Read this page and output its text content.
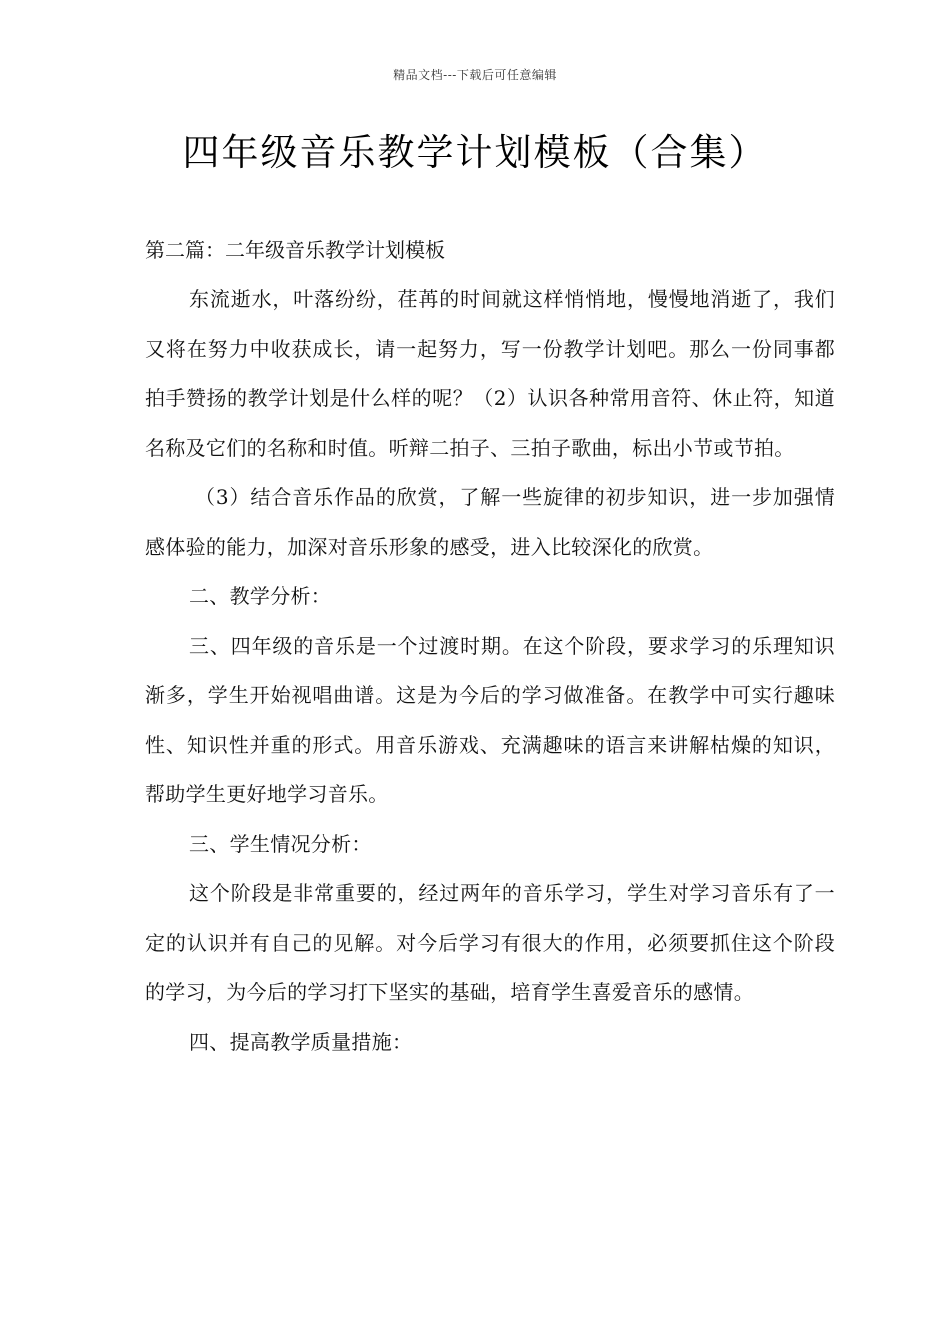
精品文档---下载后可任意编辑
四年级音乐教学计划模板（合集）

第二篇：二年级音乐教学计划模板

东流逝水，叶落纷纷，荏苒的时间就这样悄悄地，慢慢地消逝了，我们又将在努力中收获成长，请一起努力，写一份教学计划吧。那么一份同事都拍手赞扬的教学计划是什么样的呢？（2）认识各种常用音符、休止符，知道名称及它们的名称和时值。听辩二拍子、三拍子歌曲，标出小节或节拍。

（3）结合音乐作品的欣赏，了解一些旋律的初步知识，进一步加强情感体验的能力，加深对音乐形象的感受，进入比较深化的欣赏。

二、教学分析：

三、四年级的音乐是一个过渡时期。在这个阶段，要求学习的乐理知识渐多，学生开始视唱曲谱。这是为今后的学习做准备。在教学中可实行趣味性、知识性并重的形式。用音乐游戏、充满趣味的语言来讲解枯燥的知识，帮助学生更好地学习音乐。

三、学生情况分析：

这个阶段是非常重要的，经过两年的音乐学习，学生对学习音乐有了一定的认识并有自己的见解。对今后学习有很大的作用，必须要抓住这个阶段的学习，为今后的学习打下坚实的基础，培育学生喜爱音乐的感情。

四、提高教学质量措施：
